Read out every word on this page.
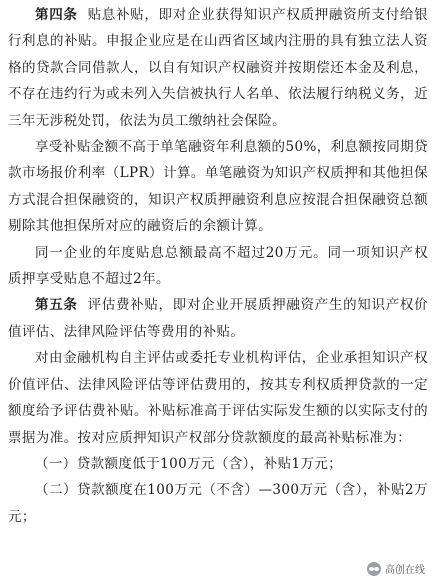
第四条 贴息补贴，即对企业获得知识产权质押融资所支付给银行利息的补贴。申报企业应是在山西省区域内注册的具有独立法人资格的贷款合同借款人，以自有知识产权融资并按期偿还本金及利息，不存在违约行为或未列入失信被执行人名单、依法履行纳税义务，近三年无涉税处罚，依法为员工缴纳社会保险。

享受补贴金额不高于单笔融资年利息额的50%，利息额按同期贷款市场报价利率（LPR）计算。单笔融资为知识产权质押和其他担保方式混合担保融资的，知识产权质押融资利息应按混合担保融资总额剔除其他担保所对应的融资后的余额计算。

同一企业的年度贴息总额最高不超过20万元。同一项知识产权质押享受贴息不超过2年。

第五条 评估费补贴，即对企业开展质押融资产生的知识产权价值评估、法律风险评估等费用的补贴。

对由金融机构自主评估或委托专业机构评估，企业承担知识产权价值评估、法律风险评估等评估费用的，按其专利权质押贷款的一定额度给予评估费补贴。补贴标准高于评估实际发生额的以实际支付的票据为准。按对应质押知识产权部分贷款额度的最高补贴标准为：

（一）贷款额度低于100万元（含），补贴1万元；

（二）贷款额度在100万元（不含）—300万元（含），补贴2万元；

高创在线
